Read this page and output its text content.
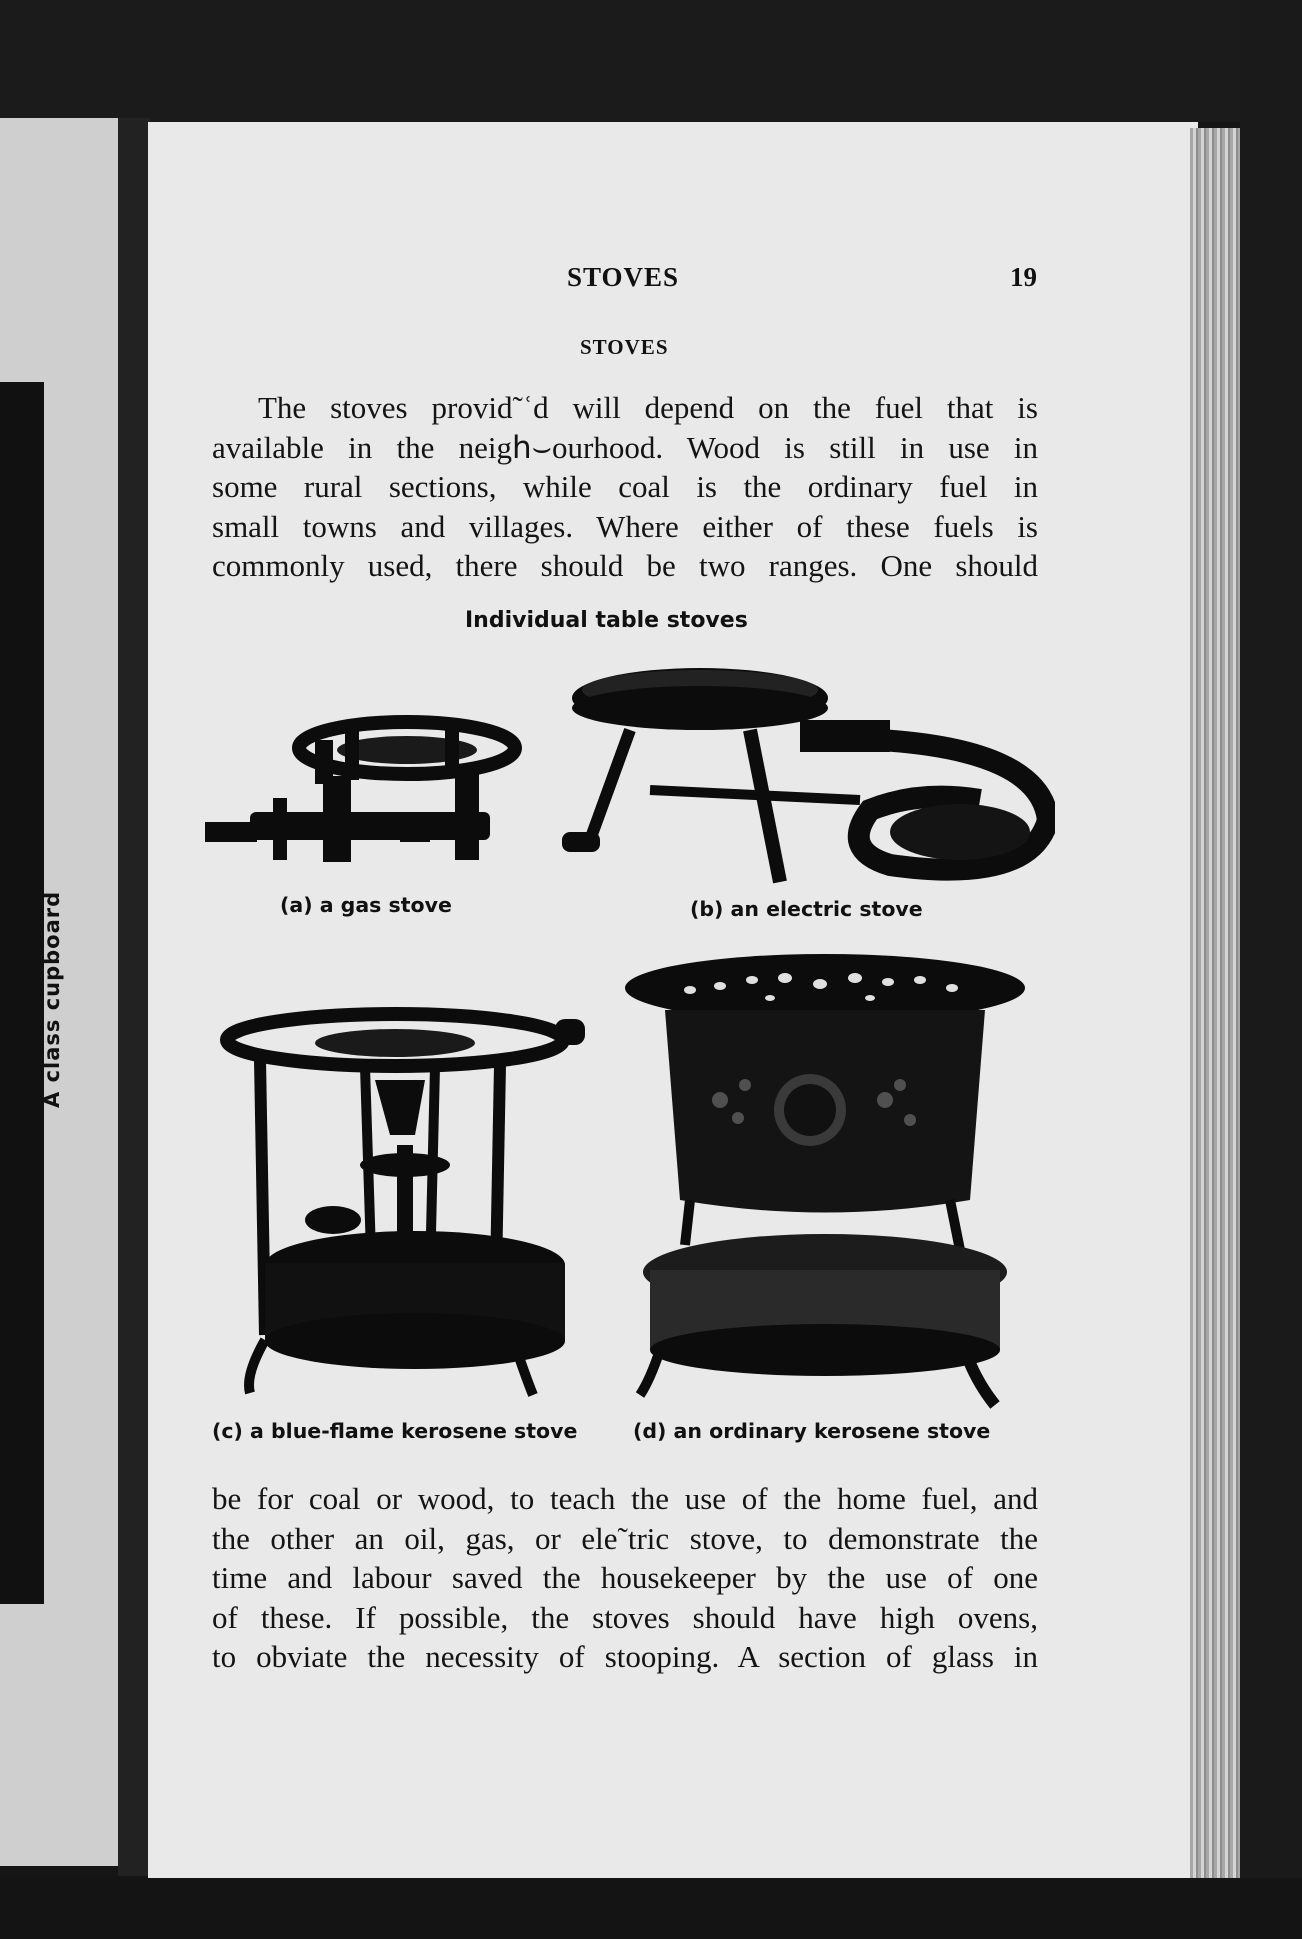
A class cupboard
STOVES	19
STOVES
The stoves provid˜ʿd will depend on the fuel that is
available in the neigհ⌣ourhood. Wood is still in use in
some rural sections, while coal is the ordinary fuel in
small towns and villages. Where either of these fuels is
commonly used, there should be two ranges. One should
Individual table stoves
(a) a gas stove	(b) an electric stove
(c) a blue-flame kerosene stove	(d) an ordinary kerosene stove
be for coal or wood, to teach the use of the home fuel, and
the other an oil, gas, or ele˜tric stove, to demonstrate the
time and labour saved the housekeeper by the use of one
of these. If possible, the stoves should have high ovens,
to obviate the necessity of stooping. A section of glass in
